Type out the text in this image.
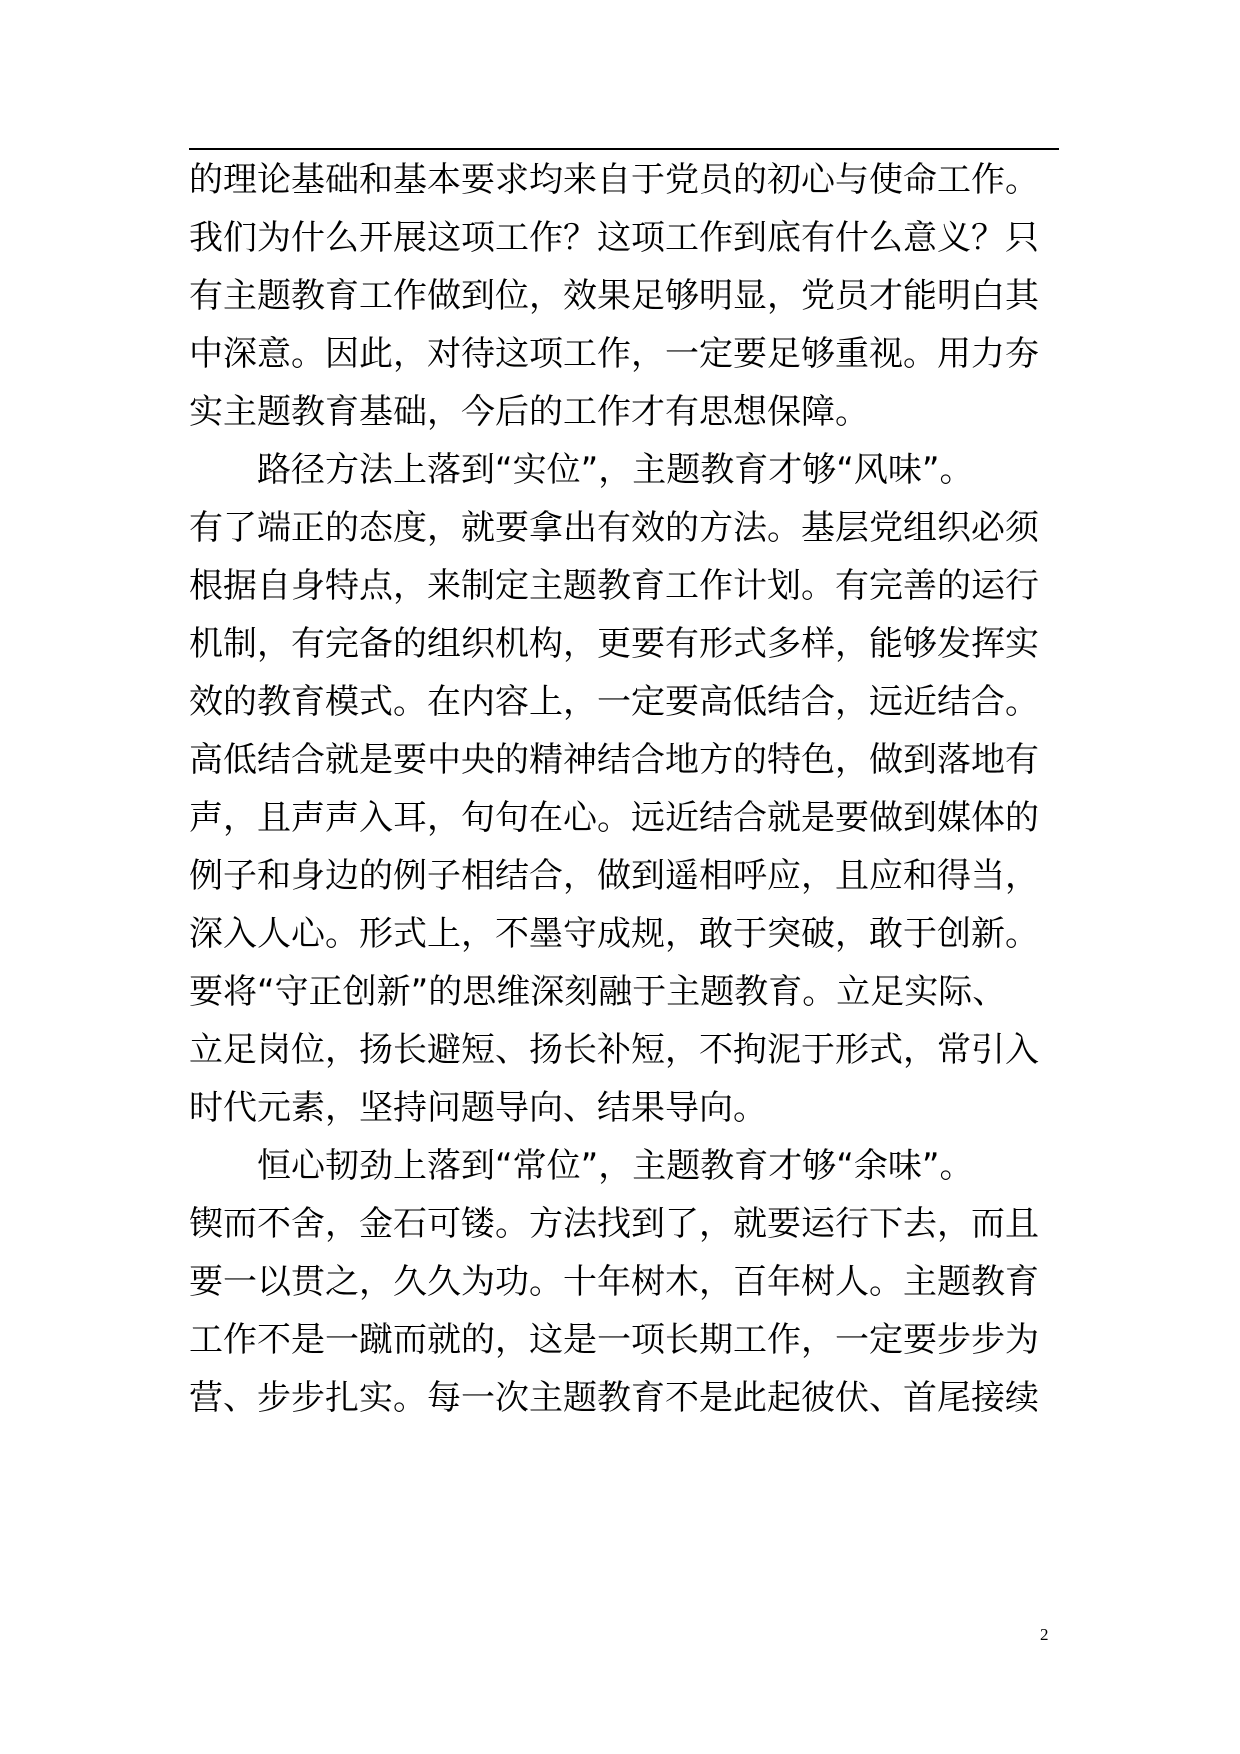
的理论基础和基本要求均来自于党员的初心与使命工作。
我们为什么开展这项工作？这项工作到底有什么意义？只
有主题教育工作做到位，效果足够明显，党员才能明白其
中深意。因此，对待这项工作，一定要足够重视。用力夯
实主题教育基础，今后的工作才有思想保障。
路径方法上落到“实位”，主题教育才够“风味”。
有了端正的态度，就要拿出有效的方法。基层党组织必须
根据自身特点，来制定主题教育工作计划。有完善的运行
机制，有完备的组织机构，更要有形式多样，能够发挥实
效的教育模式。在内容上，一定要高低结合，远近结合。
高低结合就是要中央的精神结合地方的特色，做到落地有
声，且声声入耳，句句在心。远近结合就是要做到媒体的
例子和身边的例子相结合，做到遥相呼应，且应和得当，
深入人心。形式上，不墨守成规，敢于突破，敢于创新。
要将“守正创新”的思维深刻融于主题教育。立足实际、
立足岗位，扬长避短、扬长补短，不拘泥于形式，常引入
时代元素，坚持问题导向、结果导向。
恒心韧劲上落到“常位”，主题教育才够“余味”。
锲而不舍，金石可镂。方法找到了，就要运行下去，而且
要一以贯之，久久为功。十年树木，百年树人。主题教育
工作不是一蹴而就的，这是一项长期工作，一定要步步为
营、步步扎实。每一次主题教育不是此起彼伏、首尾接续
2
